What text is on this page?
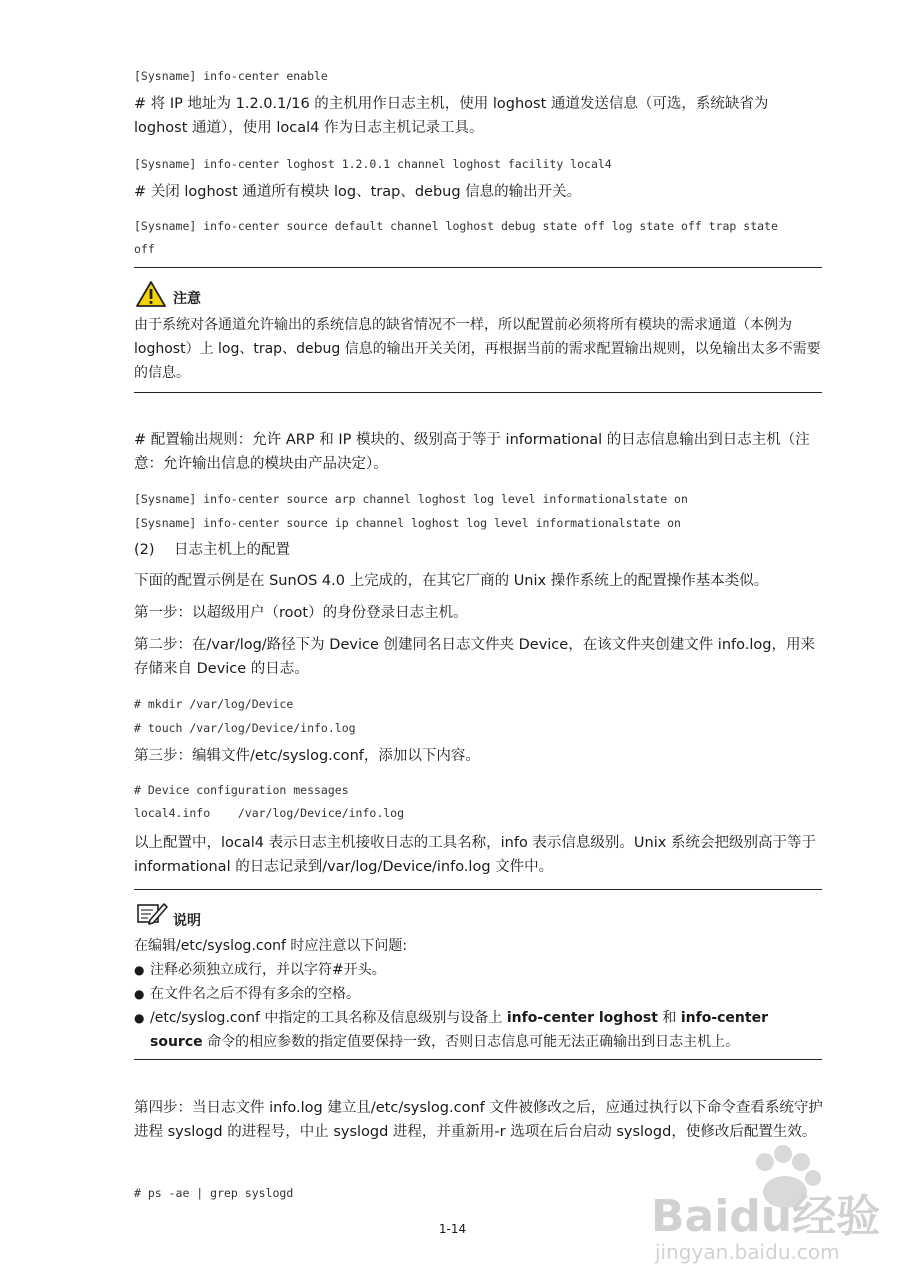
[Sysname] info-center enable
# 将 IP 地址为 1.2.0.1/16 的主机用作日志主机，使用 loghost 通道发送信息（可选，系统缺省为 loghost 通道），使用 local4 作为日志主机记录工具。
[Sysname] info-center loghost 1.2.0.1 channel loghost facility local4
# 关闭 loghost 通道所有模块 log、trap、debug 信息的输出开关。
[Sysname] info-center source default channel loghost debug state off log state off trap state
off
注意
由于系统对各通道允许输出的系统信息的缺省情况不一样，所以配置前必须将所有模块的需求通道（本例为 loghost）上 log、trap、debug 信息的输出开关关闭，再根据当前的需求配置输出规则，以免输出太多不需要的信息。
# 配置输出规则：允许 ARP 和 IP 模块的、级别高于等于 informational 的日志信息输出到日志主机（注意：允许输出信息的模块由产品决定）。
[Sysname] info-center source arp channel loghost log level informationalstate on
[Sysname] info-center source ip channel loghost log level informationalstate on
(2) 日志主机上的配置
下面的配置示例是在 SunOS 4.0 上完成的，在其它厂商的 Unix 操作系统上的配置操作基本类似。
第一步：以超级用户（root）的身份登录日志主机。
第二步：在/var/log/路径下为 Device 创建同名日志文件夹 Device，在该文件夹创建文件 info.log，用来存储来自 Device 的日志。
# mkdir /var/log/Device
# touch /var/log/Device/info.log
第三步：编辑文件/etc/syslog.conf，添加以下内容。
# Device configuration messages
local4.info    /var/log/Device/info.log
以上配置中，local4 表示日志主机接收日志的工具名称，info 表示信息级别。Unix 系统会把级别高于等于 informational 的日志记录到/var/log/Device/info.log 文件中。
说明
在编辑/etc/syslog.conf 时应注意以下问题:
● 注释必须独立成行，并以字符#开头。
● 在文件名之后不得有多余的空格。
● /etc/syslog.conf 中指定的工具名称及信息级别与设备上 info-center loghost 和 info-center source 命令的相应参数的指定值要保持一致，否则日志信息可能无法正确输出到日志主机上。
第四步：当日志文件 info.log 建立且/etc/syslog.conf 文件被修改之后，应通过执行以下命令查看系统守护进程 syslogd 的进程号，中止 syslogd 进程，并重新用-r 选项在后台启动 syslogd，使修改后配置生效。
# ps -ae | grep syslogd
1-14	Baidu经验
jingyan.baidu.com
